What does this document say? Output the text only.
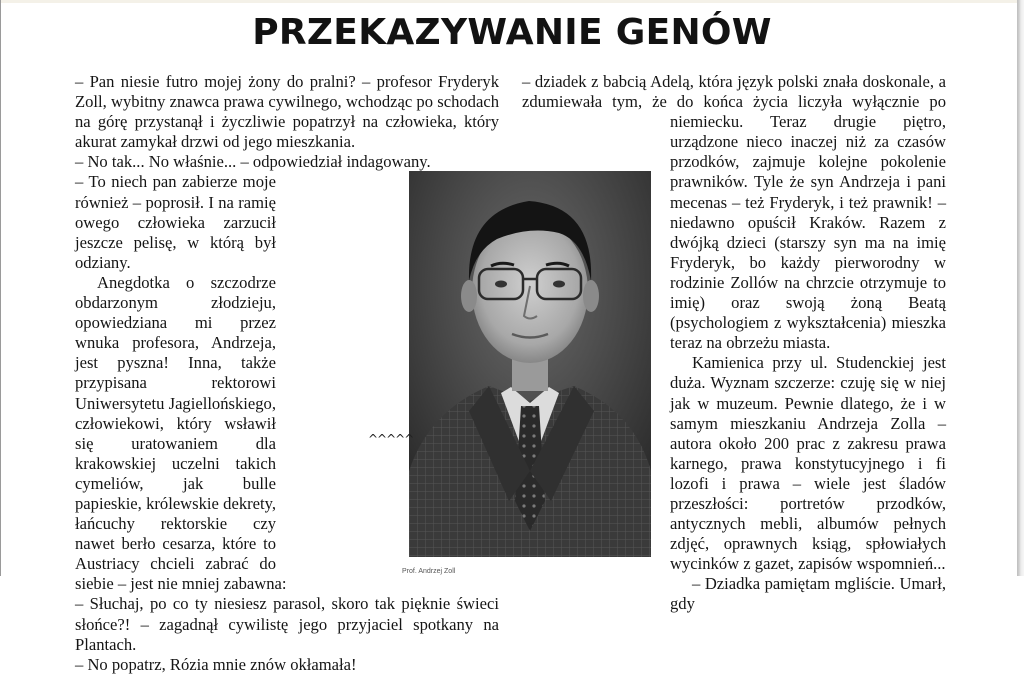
PRZEKAZYWANIE GENÓW

– Pan niesie futro mojej żony do pralni? – profesor Fryderyk Zoll, wybitny znawca prawa cywilnego, wchodząc po schodach na górę przystanął i życzliwie popatrzył na człowieka, który akurat zamykał drzwi od jego mieszkania.

– No tak... No właśnie... – odpowiedział indagowany.

– To niech pan zabierze moje również – poprosił. I na ramię owego człowieka zarzucił jeszcze pelisę, w którą był odziany.

Anegdotka o szczodrze obdarzonym złodzieju, opowiedziana mi przez wnuka profesora, Andrzeja, jest pyszna! Inna, także przypisana rektorowi Uniwersytetu Jagiellońskiego, człowiekowi, który wsławił się uratowaniem dla krakowskiej uczelni takich cymeliów, jak bulle papieskie, królewskie dekrety, łańcuchy rektorskie czy nawet berło cesarza, które to Austriacy chcieli zabrać do siebie – jest nie mniej zabawna:

– Słuchaj, po co ty niesiesz parasol, skoro tak pięknie świeci słońce?! – zagadnął cywilistę jego przyjaciel spotkany na Plantach.

– No popatrz, Rózia mnie znów okłamała!

– dziadek z babcią Adelą, która język polski znała doskonale, a zdumiewała tym, że do końca życia liczyła wyłącznie po niemiecku. Teraz drugie piętro, urządzone nieco inaczej niż za czasów przodków, zajmuje kolejne pokolenie prawników. Tyle że syn Andrzeja i pani mecenas – też Fryderyk, i też prawnik! – niedawno opuścił Kraków. Razem z dwójką dzieci (starszy syn ma na imię Fryderyk, bo każdy pierworodny w rodzinie Zollów na chrzcie otrzymuje to imię) oraz swoją żoną Beatą (psychologiem z wykształcenia) mieszka teraz na obrzeżu miasta.

Kamienica przy ul. Studenckiej jest duża. Wyznam szczerze: czuję się w niej jak w muzeum. Pewnie dlatego, że i w samym mieszkaniu Andrzeja Zolla – autora około 200 prac z zakresu prawa karnego, prawa konstytucyjnego i fi lozofi i prawa – wiele jest śladów przeszłości: portretów przodków, antycznych mebli, albumów pełnych zdjęć, oprawnych ksiąg, spłowiałych wycinków z gazet, zapisów wspomnień...

– Dziadka pamiętam mgliście. Umarł, gdy

^^^^^
Prof. Andrzej Zoll
